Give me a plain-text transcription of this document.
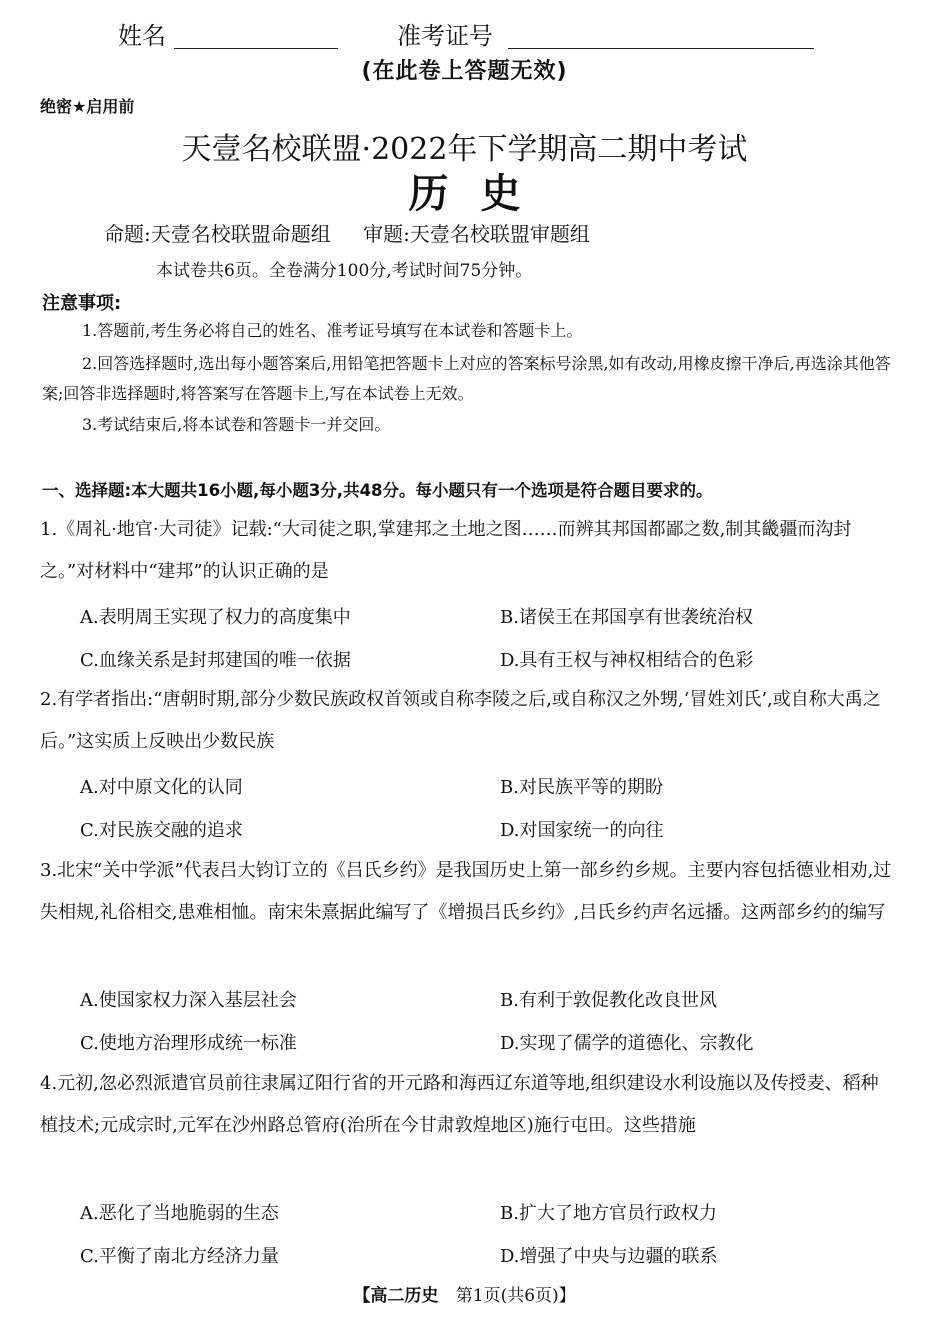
姓名	准考证号
(在此卷上答题无效)
绝密★启用前
天壹名校联盟·2022年下学期高二期中考试
历史
命题:天壹名校联盟命题组 审题:天壹名校联盟审题组
本试卷共6页。全卷满分100分,考试时间75分钟。
注意事项:
1.答题前,考生务必将自己的姓名、准考证号填写在本试卷和答题卡上。
2.回答选择题时,选出每小题答案后,用铅笔把答题卡上对应的答案标号涂黑,如有改动,用橡皮擦干净后,再选涂其他答案;回答非选择题时,将答案写在答题卡上,写在本试卷上无效。
3.考试结束后,将本试卷和答题卡一并交回。
一、选择题:本大题共16小题,每小题3分,共48分。每小题只有一个选项是符合题目要求的。
1.《周礼·地官·大司徒》记载:“大司徒之职,掌建邦之土地之图……而辨其邦国都鄙之数,制其畿疆而沟封之。”对材料中“建邦”的认识正确的是
A.表明周王实现了权力的高度集中	B.诸侯王在邦国享有世袭统治权
C.血缘关系是封邦建国的唯一依据	D.具有王权与神权相结合的色彩
2.有学者指出:“唐朝时期,部分少数民族政权首领或自称李陵之后,或自称汉之外甥,‘冒姓刘氏’,或自称大禹之后。”这实质上反映出少数民族
A.对中原文化的认同	B.对民族平等的期盼
C.对民族交融的追求	D.对国家统一的向往
3.北宋“关中学派”代表吕大钧订立的《吕氏乡约》是我国历史上第一部乡约乡规。主要内容包括德业相劝,过失相规,礼俗相交,患难相恤。南宋朱熹据此编写了《增损吕氏乡约》,吕氏乡约声名远播。这两部乡约的编写
A.使国家权力深入基层社会	B.有利于敦促教化改良世风
C.使地方治理形成统一标准	D.实现了儒学的道德化、宗教化
4.元初,忽必烈派遣官员前往隶属辽阳行省的开元路和海西辽东道等地,组织建设水利设施以及传授麦、稻种植技术;元成宗时,元军在沙州路总管府(治所在今甘肃敦煌地区)施行屯田。这些措施
A.恶化了当地脆弱的生态	B.扩大了地方官员行政权力
C.平衡了南北方经济力量	D.增强了中央与边疆的联系
【高二历史 第1页(共6页)】
